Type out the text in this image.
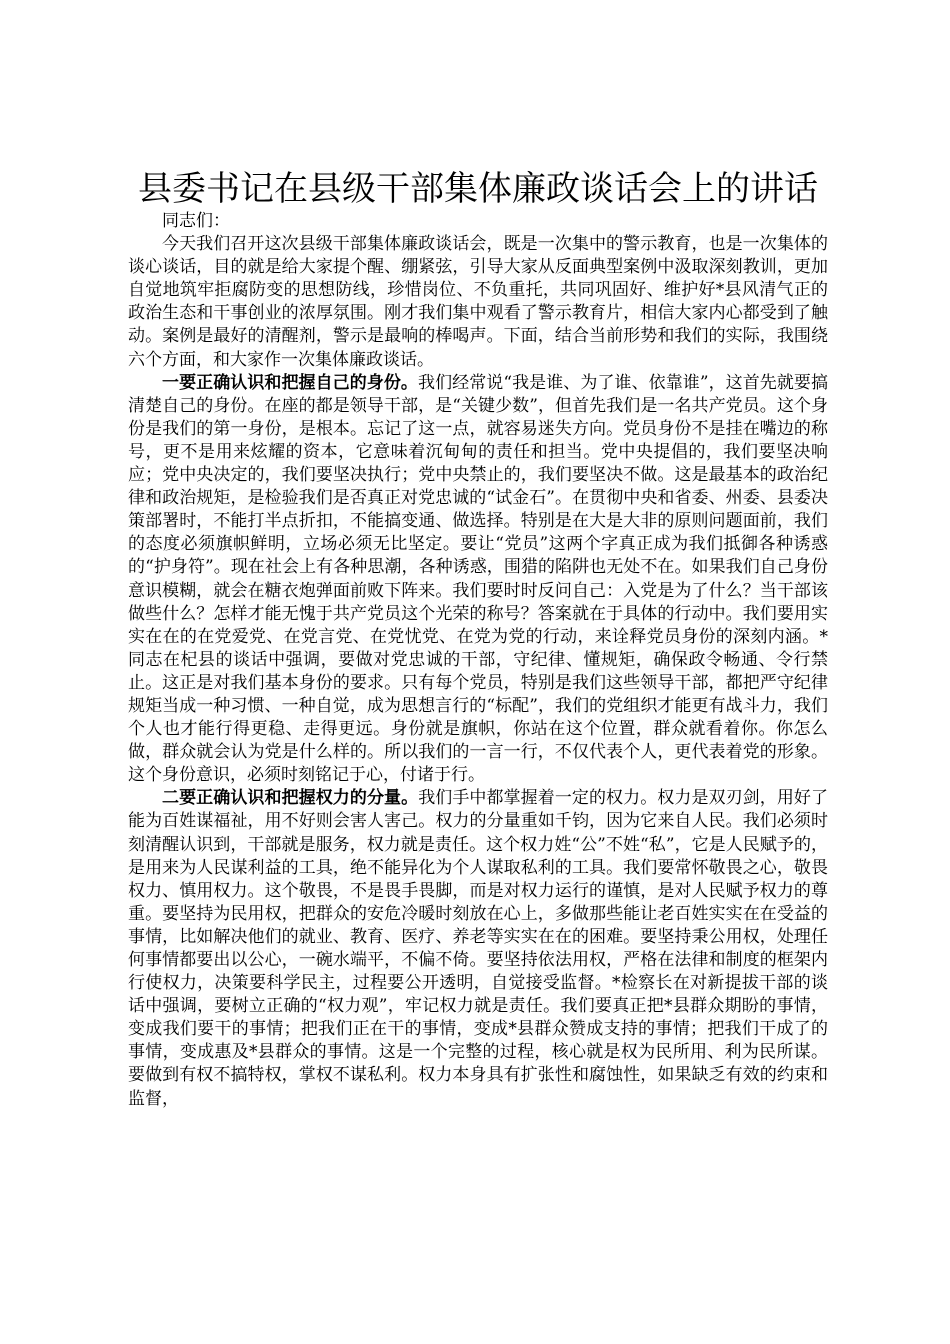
县委书记在县级干部集体廉政谈话会上的讲话

同志们：

今天我们召开这次县级干部集体廉政谈话会，既是一次集中的警示教育，也是一次集体的谈心谈话，目的就是给大家提个醒、绷紧弦，引导大家从反面典型案例中汲取深刻教训，更加自觉地筑牢拒腐防变的思想防线，珍惜岗位、不负重托，共同巩固好、维护好*县风清气正的政治生态和干事创业的浓厚氛围。刚才我们集中观看了警示教育片，相信大家内心都受到了触动。案例是最好的清醒剂，警示是最响的棒喝声。下面，结合当前形势和我们的实际，我围绕六个方面，和大家作一次集体廉政谈话。

一要正确认识和把握自己的身份。我们经常说“我是谁、为了谁、依靠谁”，这首先就要搞清楚自己的身份。在座的都是领导干部，是“关键少数”，但首先我们是一名共产党员。这个身份是我们的第一身份，是根本。忘记了这一点，就容易迷失方向。党员身份不是挂在嘴边的称号，更不是用来炫耀的资本，它意味着沉甸甸的责任和担当。党中央提倡的，我们要坚决响应；党中央决定的，我们要坚决执行；党中央禁止的，我们要坚决不做。这是最基本的政治纪律和政治规矩，是检验我们是否真正对党忠诚的“试金石”。在贯彻中央和省委、州委、县委决策部署时，不能打半点折扣，不能搞变通、做选择。特别是在大是大非的原则问题面前，我们的态度必须旗帜鲜明，立场必须无比坚定。要让“党员”这两个字真正成为我们抵御各种诱惑的“护身符”。现在社会上有各种思潮，各种诱惑，围猎的陷阱也无处不在。如果我们自己身份意识模糊，就会在糖衣炮弹面前败下阵来。我们要时时反问自己：入党是为了什么？当干部该做些什么？怎样才能无愧于共产党员这个光荣的称号？答案就在于具体的行动中。我们要用实实在在的在党爱党、在党言党、在党忧党、在党为党的行动，来诠释党员身份的深刻内涵。*同志在杞县的谈话中强调，要做对党忠诚的干部，守纪律、懂规矩，确保政令畅通、令行禁止。这正是对我们基本身份的要求。只有每个党员，特别是我们这些领导干部，都把严守纪律规矩当成一种习惯、一种自觉，成为思想言行的“标配”，我们的党组织才能更有战斗力，我们个人也才能行得更稳、走得更远。身份就是旗帜，你站在这个位置，群众就看着你。你怎么做，群众就会认为党是什么样的。所以我们的一言一行，不仅代表个人，更代表着党的形象。这个身份意识，必须时刻铭记于心，付诸于行。

二要正确认识和把握权力的分量。我们手中都掌握着一定的权力。权力是双刃剑，用好了能为百姓谋福祉，用不好则会害人害己。权力的分量重如千钧，因为它来自人民。我们必须时刻清醒认识到，干部就是服务，权力就是责任。这个权力姓“公”不姓“私”，它是人民赋予的，是用来为人民谋利益的工具，绝不能异化为个人谋取私利的工具。我们要常怀敬畏之心，敬畏权力、慎用权力。这个敬畏，不是畏手畏脚，而是对权力运行的谨慎，是对人民赋予权力的尊重。要坚持为民用权，把群众的安危冷暖时刻放在心上，多做那些能让老百姓实实在在受益的事情，比如解决他们的就业、教育、医疗、养老等实实在在的困难。要坚持秉公用权，处理任何事情都要出以公心，一碗水端平，不偏不倚。要坚持依法用权，严格在法律和制度的框架内行使权力，决策要科学民主，过程要公开透明，自觉接受监督。*检察长在对新提拔干部的谈话中强调，要树立正确的“权力观”，牢记权力就是责任。我们要真正把*县群众期盼的事情，变成我们要干的事情；把我们正在干的事情，变成*县群众赞成支持的事情；把我们干成了的事情，变成惠及*县群众的事情。这是一个完整的过程，核心就是权为民所用、利为民所谋。要做到有权不搞特权，掌权不谋私利。权力本身具有扩张性和腐蚀性，如果缺乏有效的约束和监督，
